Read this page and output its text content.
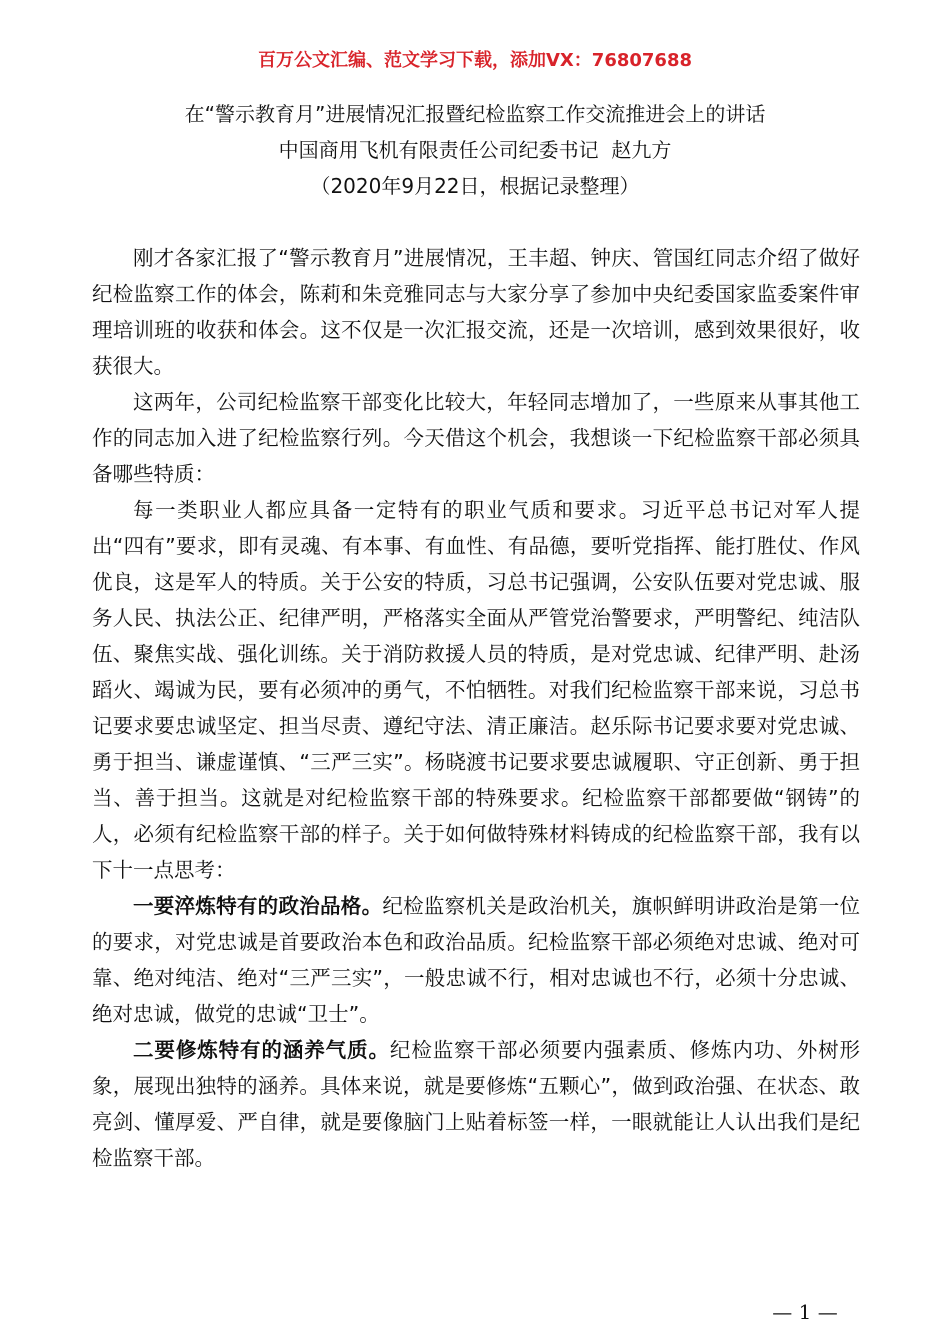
百万公文汇编、范文学习下载，添加VX：76807688
在“警示教育月”进展情况汇报暨纪检监察工作交流推进会上的讲话
中国商用飞机有限责任公司纪委书记  赵九方
（2020年9月22日，根据记录整理）

刚才各家汇报了“警示教育月”进展情况，王丰超、钟庆、管国红同志介绍了做好纪检监察工作的体会，陈莉和朱竞雅同志与大家分享了参加中央纪委国家监委案件审理培训班的收获和体会。这不仅是一次汇报交流，还是一次培训，感到效果很好，收获很大。

这两年，公司纪检监察干部变化比较大，年轻同志增加了，一些原来从事其他工作的同志加入进了纪检监察行列。今天借这个机会，我想谈一下纪检监察干部必须具备哪些特质：

每一类职业人都应具备一定特有的职业气质和要求。习近平总书记对军人提出“四有”要求，即有灵魂、有本事、有血性、有品德，要听党指挥、能打胜仗、作风优良，这是军人的特质。关于公安的特质，习总书记强调，公安队伍要对党忠诚、服务人民、执法公正、纪律严明，严格落实全面从严管党治警要求，严明警纪、纯洁队伍、聚焦实战、强化训练。关于消防救援人员的特质，是对党忠诚、纪律严明、赴汤蹈火、竭诚为民，要有必须冲的勇气，不怕牺牲。对我们纪检监察干部来说，习总书记要求要忠诚坚定、担当尽责、遵纪守法、清正廉洁。赵乐际书记要求要对党忠诚、勇于担当、谦虚谨慎、“三严三实”。杨晓渡书记要求要忠诚履职、守正创新、勇于担当、善于担当。这就是对纪检监察干部的特殊要求。纪检监察干部都要做“钢铸”的人，必须有纪检监察干部的样子。关于如何做特殊材料铸成的纪检监察干部，我有以下十一点思考：

一要淬炼特有的政治品格。纪检监察机关是政治机关，旗帜鲜明讲政治是第一位的要求，对党忠诚是首要政治本色和政治品质。纪检监察干部必须绝对忠诚、绝对可靠、绝对纯洁、绝对“三严三实”，一般忠诚不行，相对忠诚也不行，必须十分忠诚、绝对忠诚，做党的忠诚“卫士”。

二要修炼特有的涵养气质。纪检监察干部必须要内强素质、修炼内功、外树形象，展现出独特的涵养。具体来说，就是要修炼“五颗心”，做到政治强、在状态、敢亮剑、懂厚爱、严自律，就是要像脑门上贴着标签一样，一眼就能让人认出我们是纪检监察干部。

— 1 —
